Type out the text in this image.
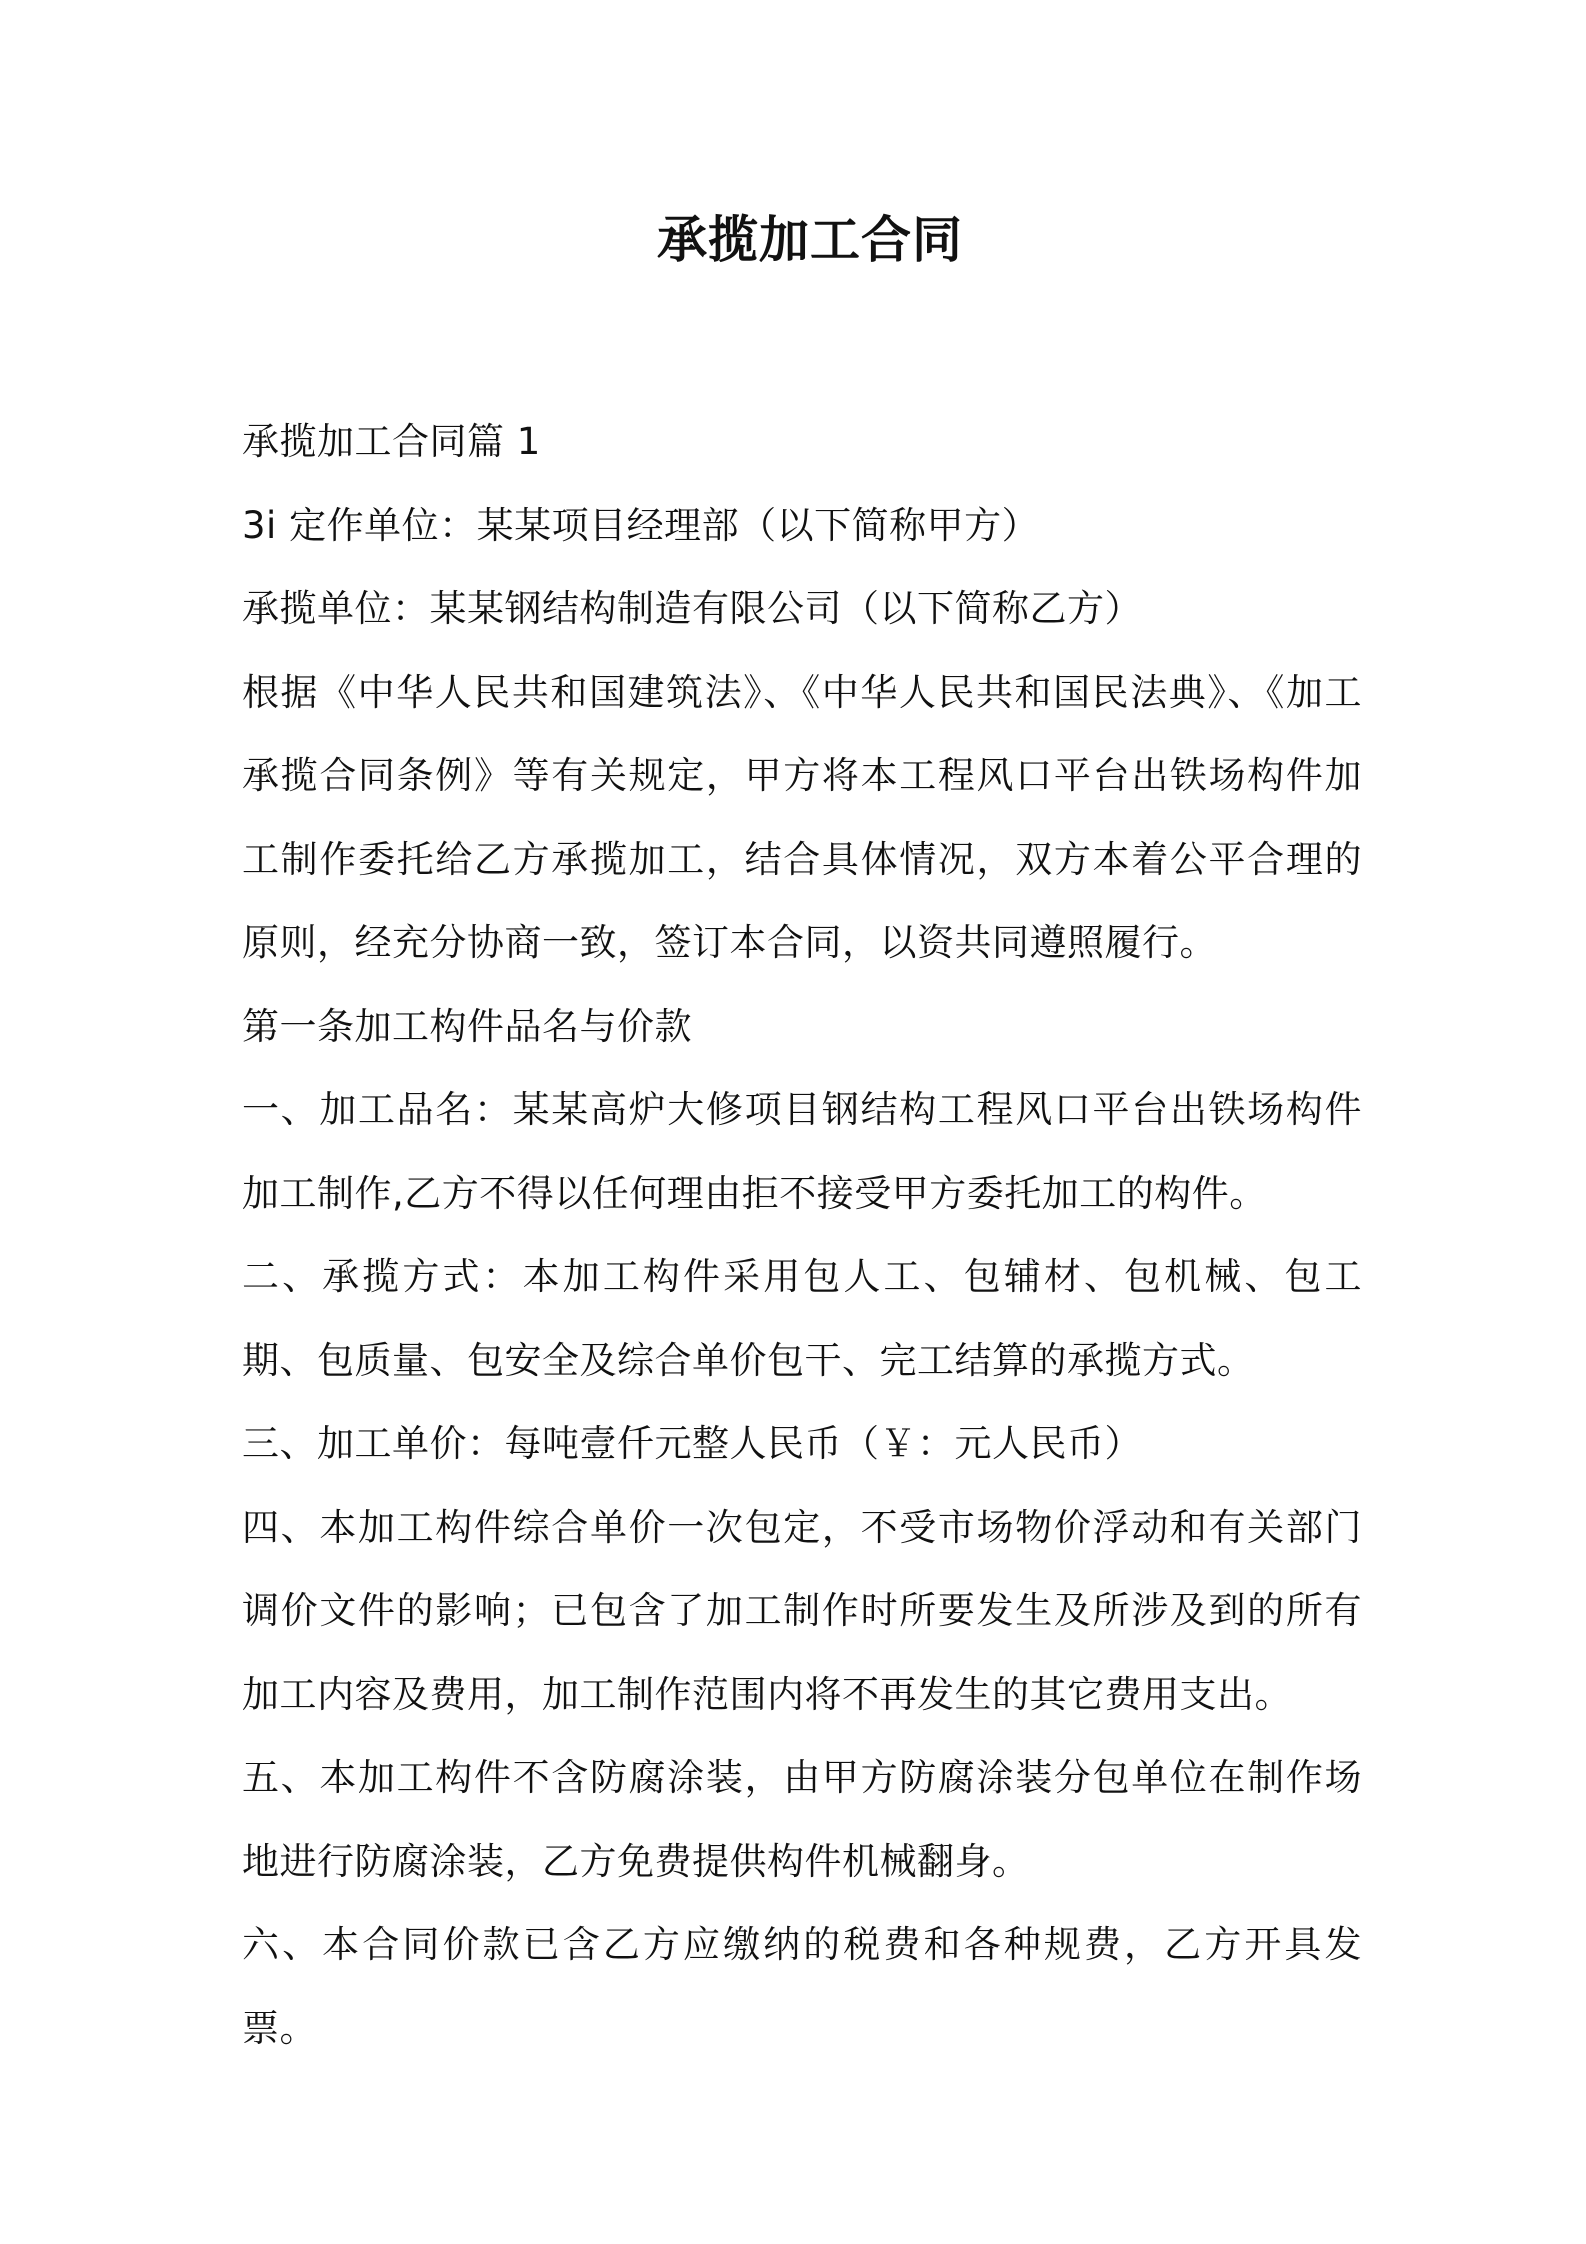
承揽加工合同

承揽加工合同篇 1

3i 定作单位：某某项目经理部（以下简称甲方）

承揽单位：某某钢结构制造有限公司（以下简称乙方）

根据《中华人民共和国建筑法》、《中华人民共和国民法典》、《加工承揽合同条例》等有关规定，甲方将本工程风口平台出铁场构件加工制作委托给乙方承揽加工，结合具体情况，双方本着公平合理的原则，经充分协商一致，签订本合同，以资共同遵照履行。

第一条加工构件品名与价款

一、加工品名：某某高炉大修项目钢结构工程风口平台出铁场构件加工制作,乙方不得以任何理由拒不接受甲方委托加工的构件。

二、承揽方式：本加工构件采用包人工、包辅材、包机械、包工期、包质量、包安全及综合单价包干、完工结算的承揽方式。

三、加工单价：每吨壹仟元整人民币（￥：元人民币）

四、本加工构件综合单价一次包定，不受市场物价浮动和有关部门调价文件的影响；已包含了加工制作时所要发生及所涉及到的所有加工内容及费用，加工制作范围内将不再发生的其它费用支出。

五、本加工构件不含防腐涂装，由甲方防腐涂装分包单位在制作场地进行防腐涂装，乙方免费提供构件机械翻身。

六、本合同价款已含乙方应缴纳的税费和各种规费，乙方开具发票。
